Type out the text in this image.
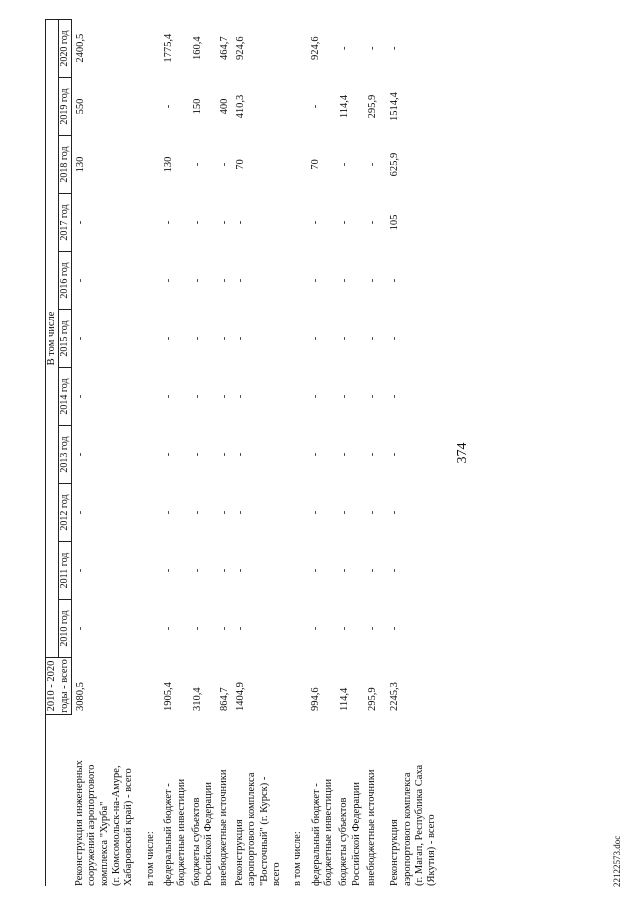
374
	2010 - 2020	В том числе										
	годы - всего	2010 год	2011 год	2012 год	2013 год	2014 год	2015 год	2016 год	2017 год	2018 год	2019 год	2020 год

Реконструкция инженерных сооружений аэропортового комплекса "Хурба" (г. Комсомольск-на-Амуре, Хабаровский край) - всего	3080,5	-	-	-	-	-	-	-	-	130	550	2400,5

в том числе: федеральный бюджет - бюджетные инвестиции	1905,4	-	-	-	-	-	-	-	-	130	-	1775,4

бюджеты субъектов Российской Федерации	310,4	-	-	-	-	-	-	-	-	-	150	160,4

внебюджетные источники	864,7	-	-	-	-	-	-	-	-	-	400	464,7

Реконструкция аэропортового комплекса "Восточный" (г. Курск) - всего	1404,9	-	-	-	-	-	-	-	-	70	410,3	924,6

в том числе: федеральный бюджет - бюджетные инвестиции	994,6	-	-	-	-	-	-	-	-	70	-	924,6

бюджеты субъектов Российской Федерации	114,4	-	-	-	-	-	-	-	-	-	114,4	-

внебюджетные источники	295,9	-	-	-	-	-	-	-	-	-	295,9	-

Реконструкция аэропортового комплекса (г. Магап, Республика Саха (Якутия) - всего	2245,3	-	-	-	-	-	-	-	105	625,9	1514,4	-
22122573.doc
